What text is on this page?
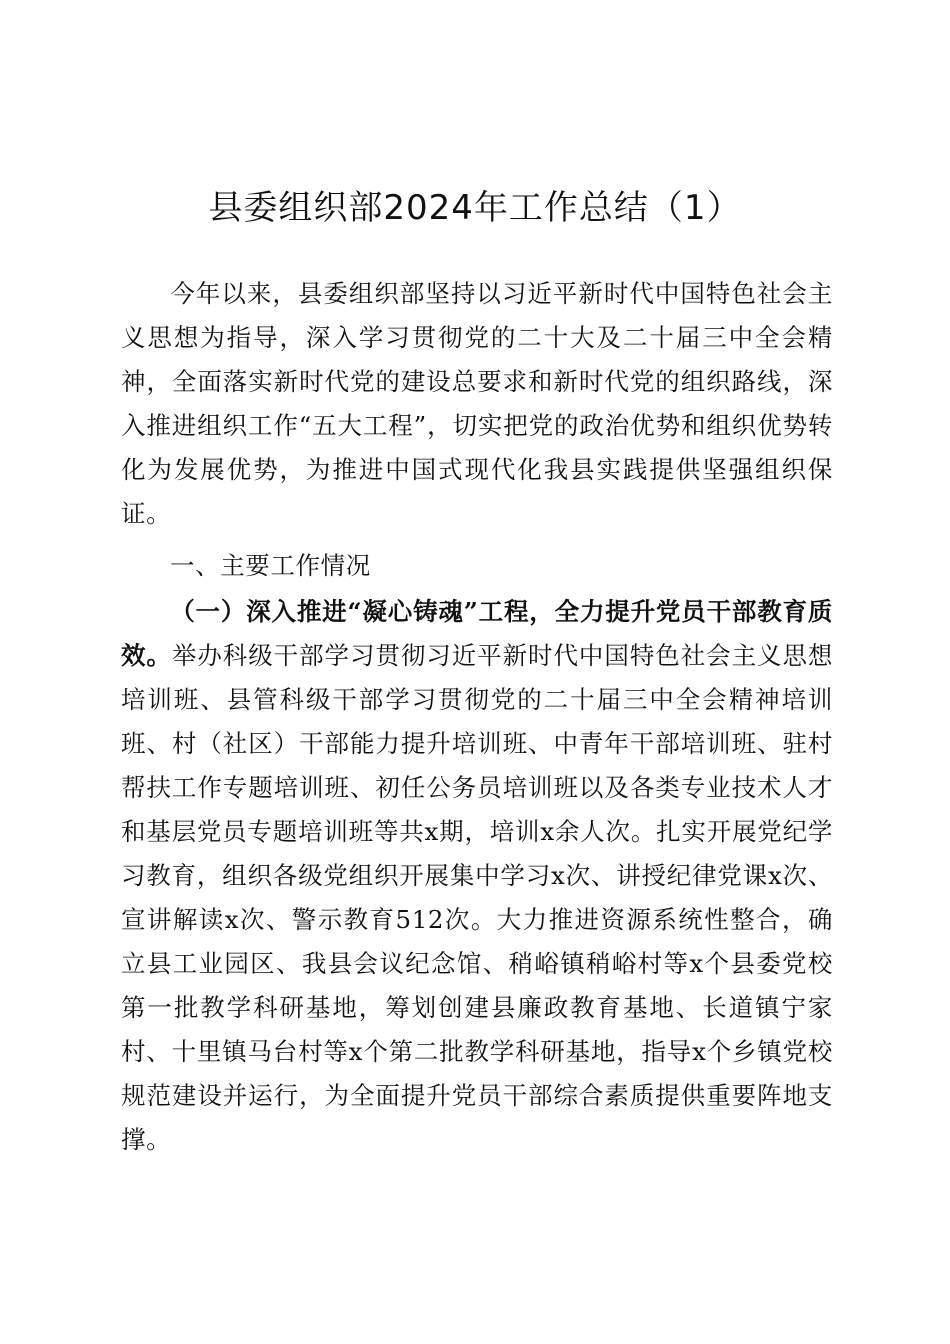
县委组织部2024年工作总结（1）
今年以来，县委组织部坚持以习近平新时代中国特色社会主义思想为指导，深入学习贯彻党的二十大及二十届三中全会精神，全面落实新时代党的建设总要求和新时代党的组织路线，深入推进组织工作“五大工程”，切实把党的政治优势和组织优势转化为发展优势，为推进中国式现代化我县实践提供坚强组织保证。
一、主要工作情况
（一）深入推进“凝心铸魂”工程，全力提升党员干部教育质效。举办科级干部学习贯彻习近平新时代中国特色社会主义思想培训班、县管科级干部学习贯彻党的二十届三中全会精神培训班、村（社区）干部能力提升培训班、中青年干部培训班、驻村帮扶工作专题培训班、初任公务员培训班以及各类专业技术人才和基层党员专题培训班等共x期，培训x余人次。扎实开展党纪学习教育，组织各级党组织开展集中学习x次、讲授纪律党课x次、宣讲解读x次、警示教育512次。大力推进资源系统性整合，确立县工业园区、我县会议纪念馆、稍峪镇稍峪村等x个县委党校第一批教学科研基地，筹划创建县廉政教育基地、长道镇宁家村、十里镇马台村等x个第二批教学科研基地，指导x个乡镇党校规范建设并运行，为全面提升党员干部综合素质提供重要阵地支撑。
